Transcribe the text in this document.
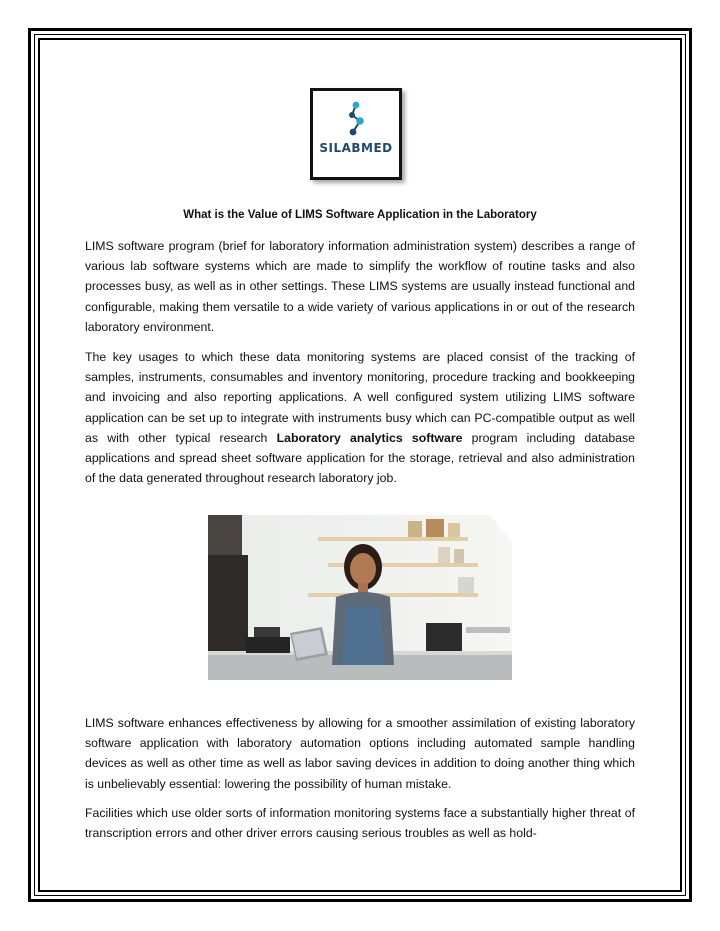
SILABMED
What is the Value of LIMS Software Application in the Laboratory

LIMS software program (brief for laboratory information administration system) describes a range of various lab software systems which are made to simplify the workflow of routine tasks and also processes busy, as well as in other settings. These LIMS systems are usually instead functional and configurable, making them versatile to a wide variety of various applications in or out of the research laboratory environment.

The key usages to which these data monitoring systems are placed consist of the tracking of samples, instruments, consumables and inventory monitoring, procedure tracking and bookkeeping and invoicing and also reporting applications. A well configured system utilizing LIMS software application can be set up to integrate with instruments busy which can PC-compatible output as well as with other typical research Laboratory analytics software program including database applications and spread sheet software application for the storage, retrieval and also administration of the data generated throughout research laboratory job.

LIMS software enhances effectiveness by allowing for a smoother assimilation of existing laboratory software application with laboratory automation options including automated sample handling devices as well as other time as well as labor saving devices in addition to doing another thing which is unbelievably essential: lowering the possibility of human mistake.

Facilities which use older sorts of information monitoring systems face a substantially higher threat of transcription errors and other driver errors causing serious troubles as well as hold-
